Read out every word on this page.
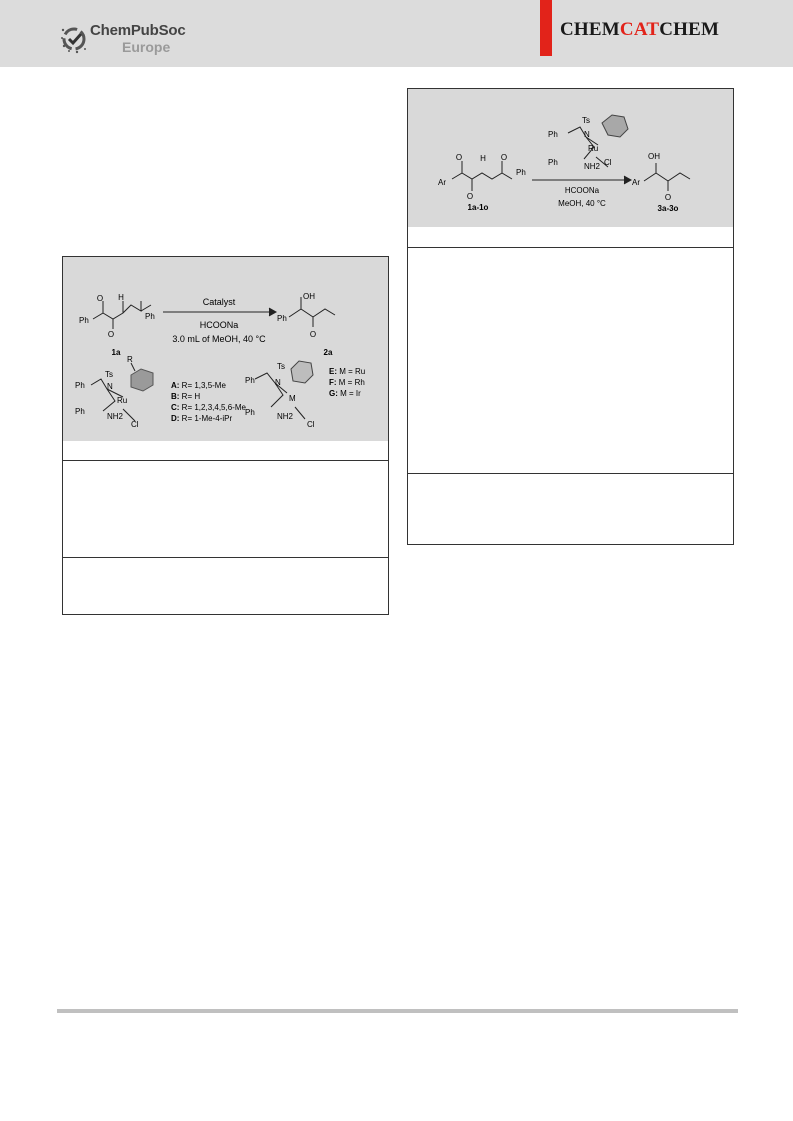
ChemPubSoc
Europe
CHEMCATCHEM
O H
Ph	Ph
O
1a
Catalyst
HCOONa
3.0 mL of MeOH, 40 °C
OH
Ph
O
2a
Ts
N
Ph
Ph
R
Ru
NH2
Cl
A: R= 1,3,5-Me
B: R= H
C: R= 1,2,3,4,5,6-Me
D: R= 1-Me-4-iPr
Ts
N
Ph
Ph
M
NH2
Cl
E: M = Ru
F: M = Rh
G: M = Ir
O H
Ar
O
Ph
O
1a-1o
Ts
N
Ph
Ph
Ru
NH2 Cl
HCOONa
MeOH, 40 °C
OH
Ar
O
3a-3o
